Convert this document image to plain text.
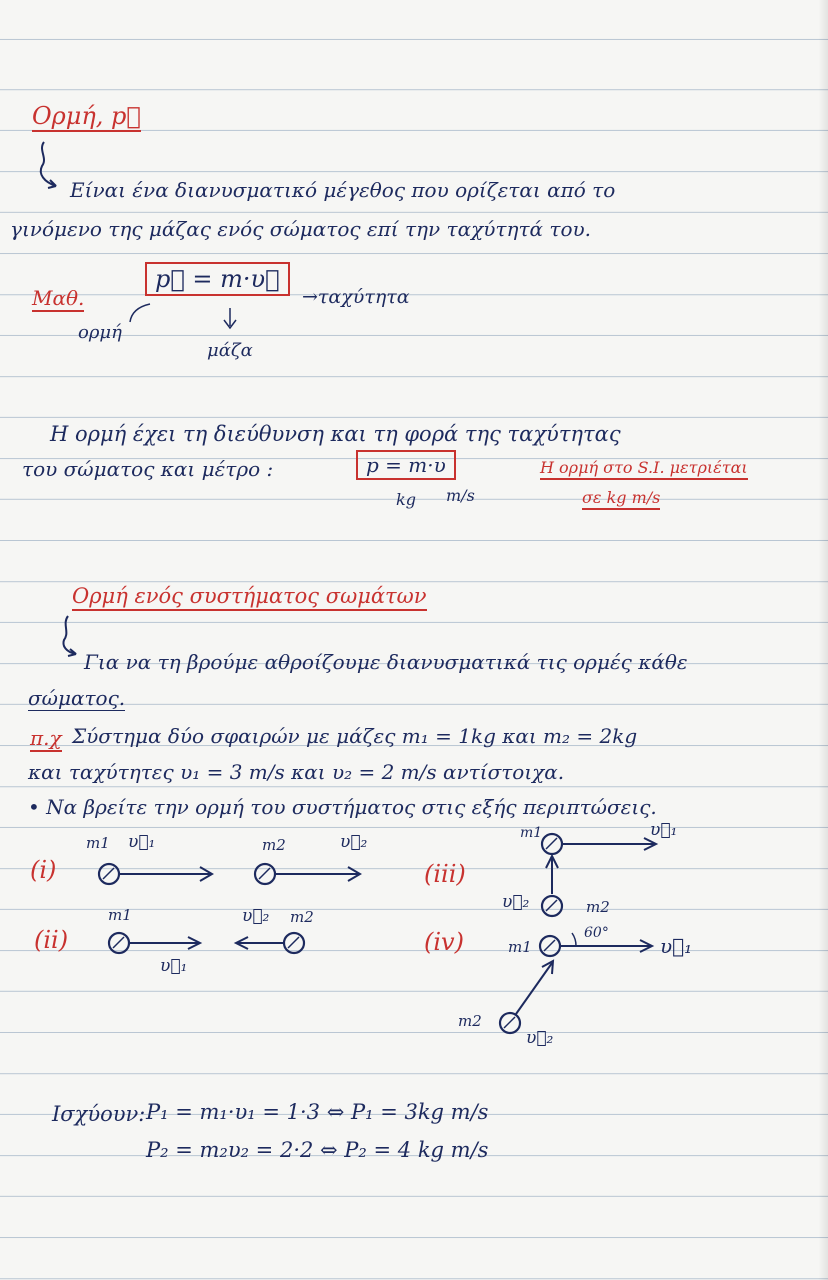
Ορμή, p⃗
Είναι ένα διανυσματικό μέγεθος που ορίζεται από το
γινόμενο της μάζας ενός σώματος επί την ταχύτητά του.
Μαθ.
p⃗ = m·υ⃗
→ταχύτητα
ορμή
μάζα
Η ορμή έχει τη διεύθυνση και τη φορά της ταχύτητας
του σώματος και μέτρο :	p = m·υ
kg m/s
Η ορμή στο S.I. μετριέται
σε kg m/s
Ορμή ενός συστήματος σωμάτων
Για να τη βρούμε αθροίζουμε διανυσματικά τις ορμές κάθε
σώματος.
π.χ Σύστημα δύο σφαιρών με μάζες m₁ = 1kg και m₂ = 2kg
και ταχύτητες υ₁ = 3 m/s και υ₂ = 2 m/s αντίστοιχα.
• Να βρείτε την ορμή του συστήματος στις εξής περιπτώσεις.
(i)
(ii)
(iii)
(iv)
m1 υ⃗₁	m2	υ⃗₂
m1
υ⃗₁
υ⃗₂ m2
m1	υ⃗₁
υ⃗₂	m2
m1
60°
υ⃗₁
m2
υ⃗₂
Ισχύουν: P₁ = m₁·υ₁ = 1·3 ⇔ P₁ = 3kg m/s
P₂ = m₂υ₂ = 2·2 ⇔ P₂ = 4 kg m/s
